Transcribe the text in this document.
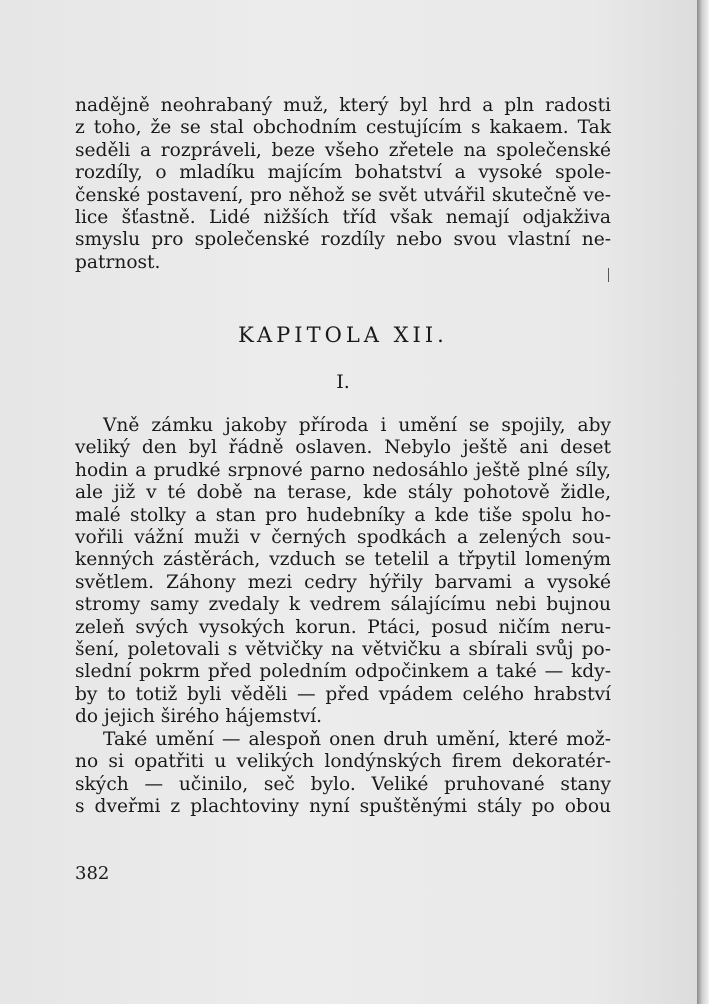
nadějně neohrabaný muž, který byl hrd a pln radosti

z toho, že se stal obchodním cestujícím s kakaem. Tak

seděli a rozpráveli, beze všeho zřetele na společenské

rozdíly, o mladíku majícím bohatství a vysoké spole-

čenské postavení, pro něhož se svět utvářil skutečně ve-

lice šťastně. Lidé nižších tříd však nemají odjakživa

smyslu pro společenské rozdíly nebo svou vlastní ne-

patrnost.

KAPITOLA XII.
I.

Vně zámku jakoby příroda i umění se spojily, aby

veliký den byl řádně oslaven. Nebylo ještě ani deset

hodin a prudké srpnové parno nedosáhlo ještě plné síly,

ale již v té době na terase, kde stály pohotově židle,

malé stolky a stan pro hudebníky a kde tiše spolu ho-

vořili vážní muži v černých spodkách a zelených sou-

kenných zástěrách, vzduch se tetelil a třpytil lomeným

světlem. Záhony mezi cedry hýřily barvami a vysoké

stromy samy zvedaly k vedrem sálajícímu nebi bujnou

zeleň svých vysokých korun. Ptáci, posud ničím neru-

šení, poletovali s větvičky na větvičku a sbírali svůj po-

slední pokrm před poledním odpočinkem a také — kdy-

by to totiž byli věděli — před vpádem celého hrabství

do jejich širého hájemství.

Také umění — alespoň onen druh umění, které mož-

no si opatřiti u velikých londýnských firem dekoratér-

ských — učinilo, seč bylo. Veliké pruhované stany

s dveřmi z plachtoviny nyní spuštěnými stály po obou

382
